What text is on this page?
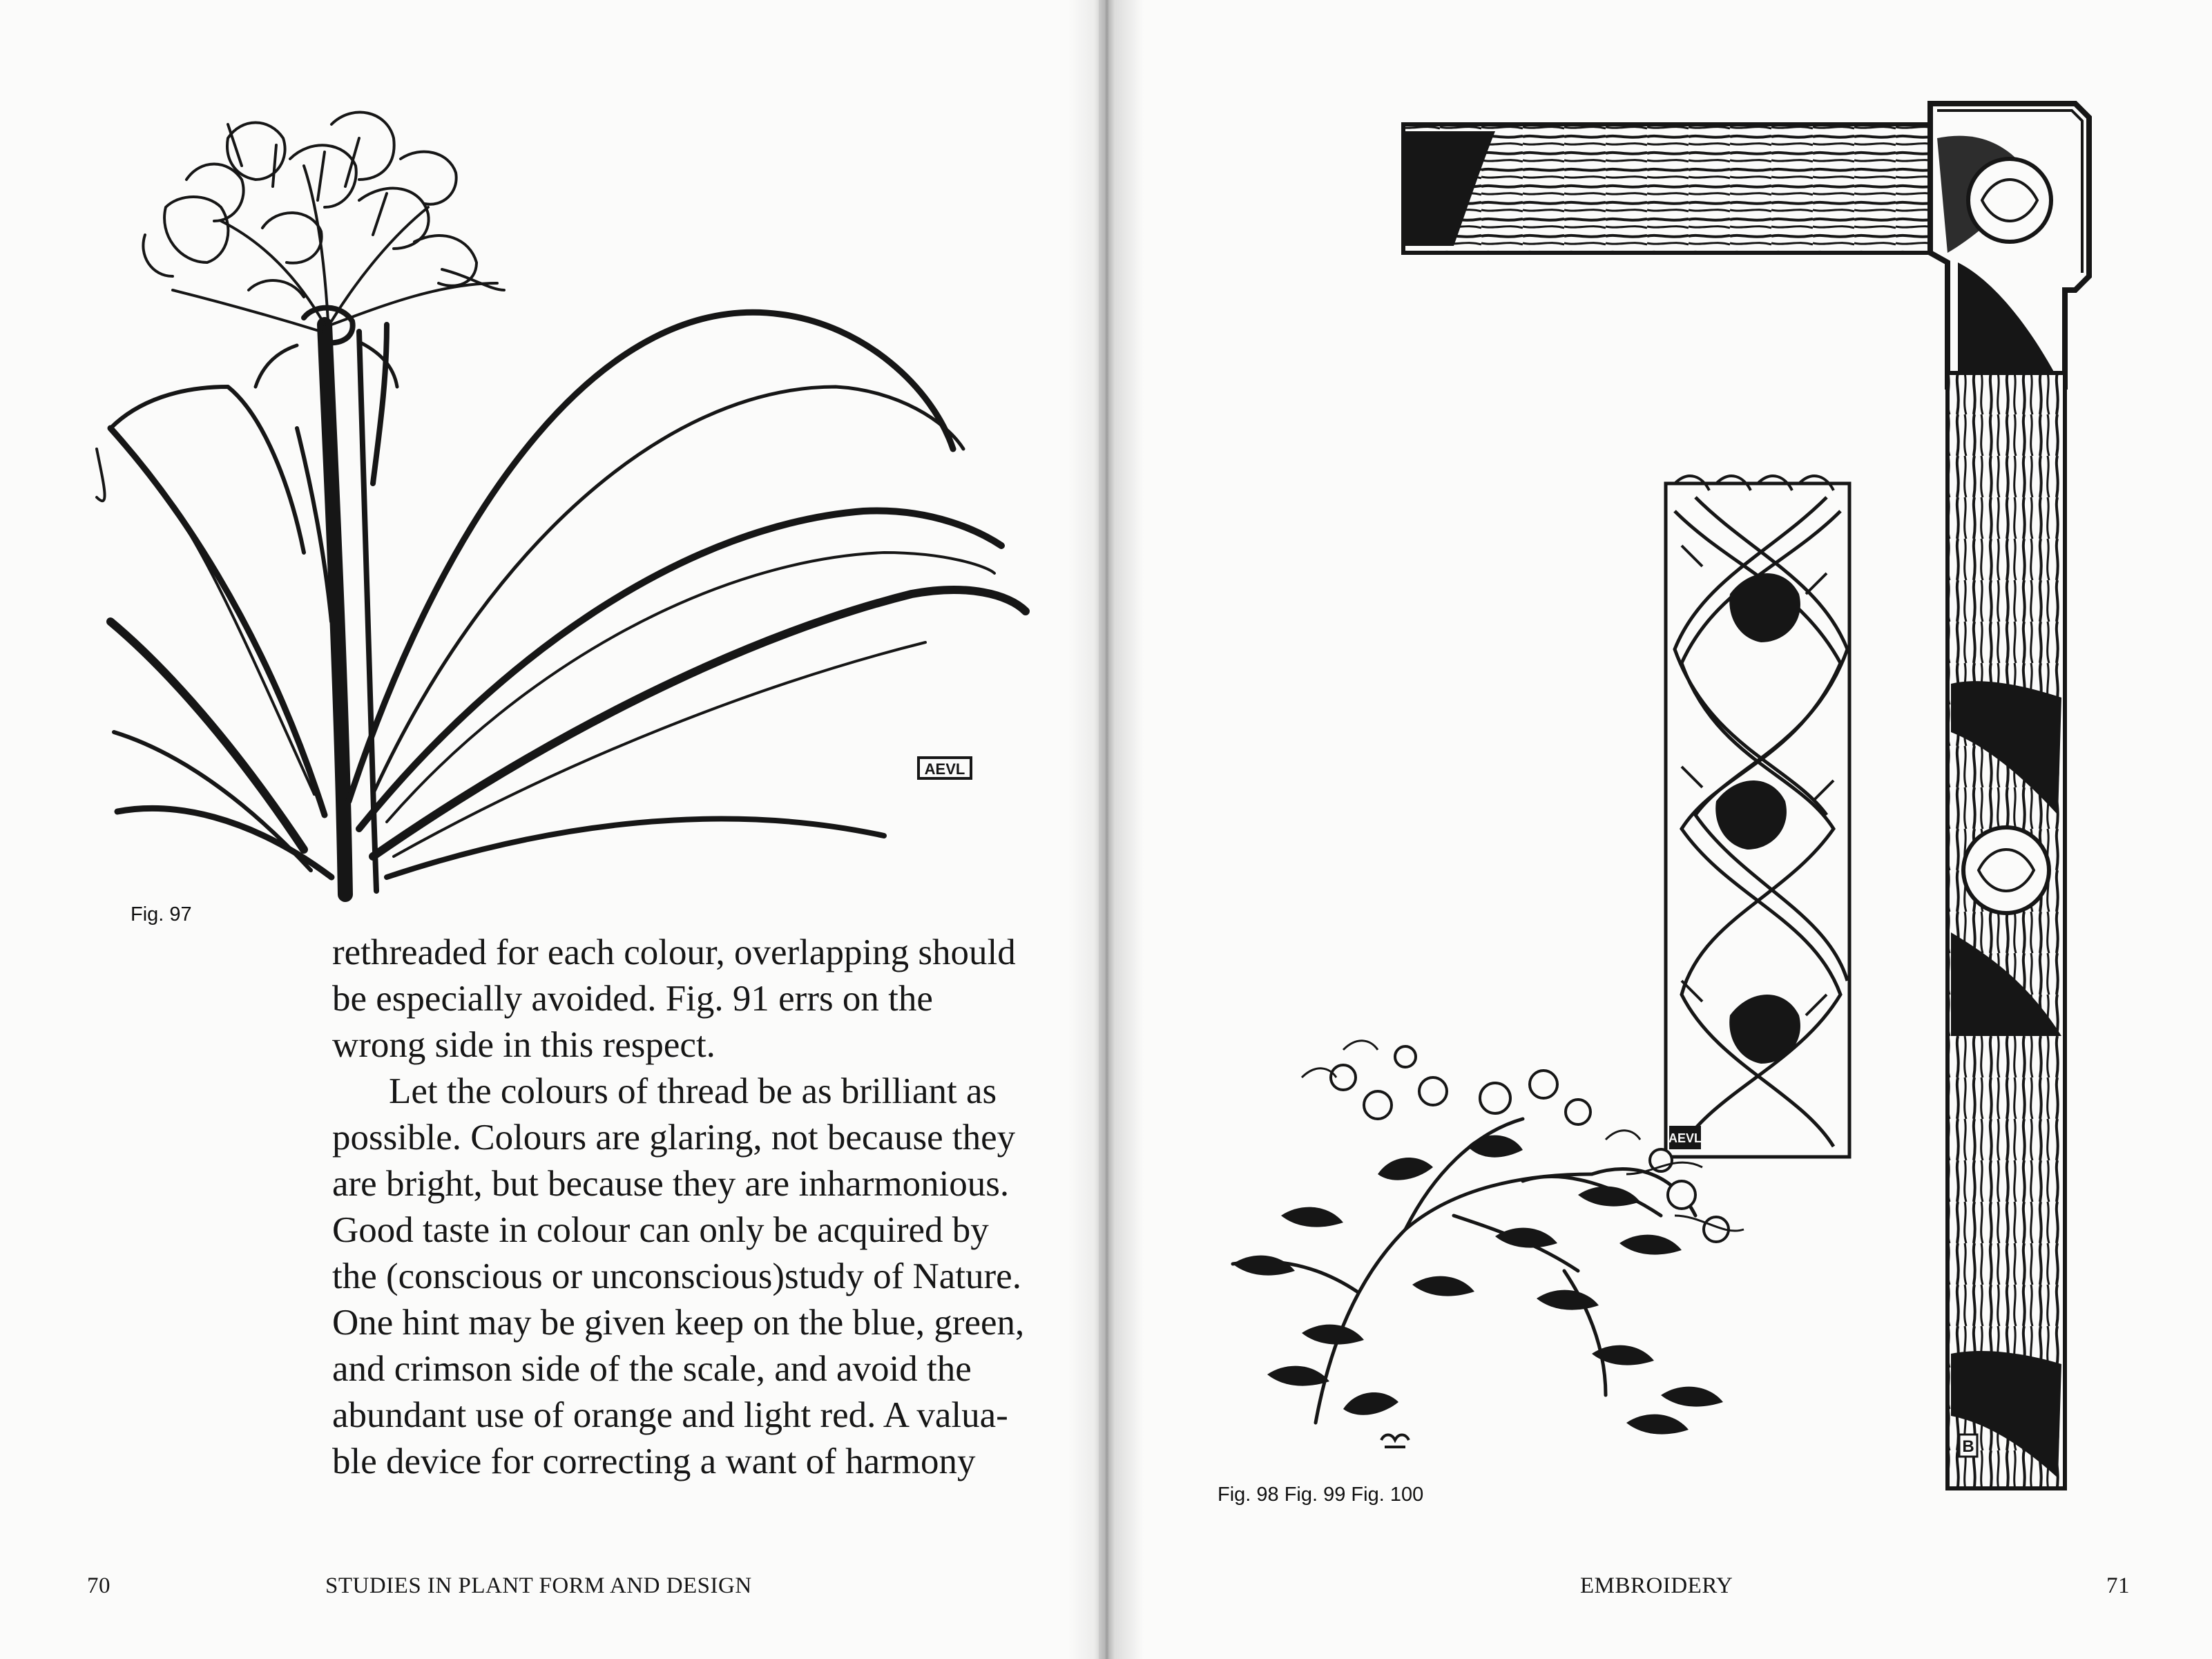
AEVL
Fig. 97
rethreaded for each colour, overlapping should
be especially avoided. Fig. 91 errs on the
wrong side in this respect.
Let the colours of thread be as brilliant as
possible. Colours are glaring, not because they
are bright, but because they are inharmonious.
Good taste in colour can only be acquired by
the (conscious or unconscious)study of Nature.
One hint may be given keep on the blue, green,
and crimson side of the scale, and avoid the
abundant use of orange and light red. A valua-
ble device for correcting a want of harmony
70	STUDIES IN PLANT FORM AND DESIGN
B
AEVL
Fig. 98 Fig. 99 Fig. 100
EMBROIDERY	71
